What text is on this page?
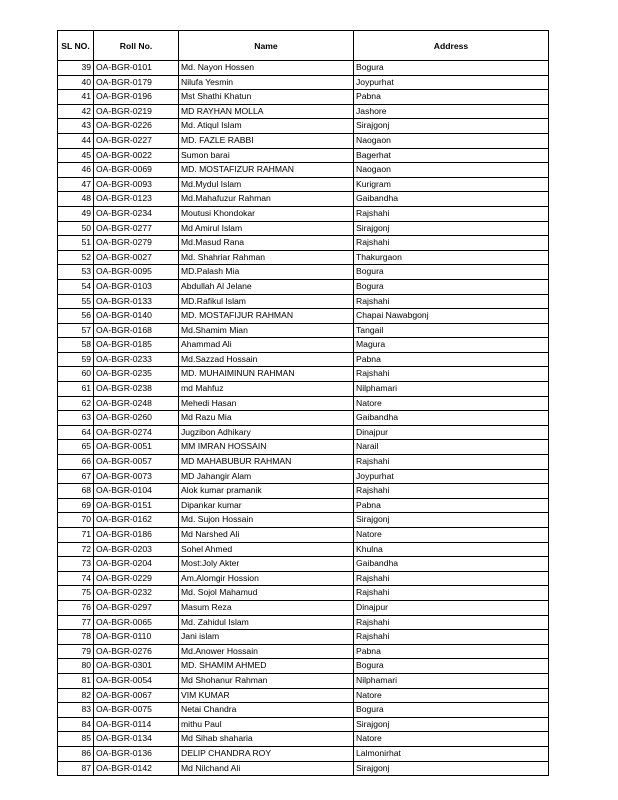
SL NO.	Roll No.	Name	Address
39	OA-BGR-0101	Md. Nayon Hossen	Bogura
40	OA-BGR-0179	Nilufa Yesmin	Joypurhat
41	OA-BGR-0196	Mst Shathi Khatun	Pabna
42	OA-BGR-0219	MD RAYHAN MOLLA	Jashore
43	OA-BGR-0226	Md. Atiqul Islam	Sirajgonj
44	OA-BGR-0227	MD. FAZLE RABBI	Naogaon
45	OA-BGR-0022	Sumon barai	Bagerhat
46	OA-BGR-0069	MD. MOSTAFIZUR RAHMAN	Naogaon
47	OA-BGR-0093	Md.Mydul Islam	Kurigram
48	OA-BGR-0123	Md.Mahafuzur Rahman	Gaibandha
49	OA-BGR-0234	Moutusi Khondokar	Rajshahi
50	OA-BGR-0277	Md Amirul Islam	Sirajgonj
51	OA-BGR-0279	Md.Masud Rana	Rajshahi
52	OA-BGR-0027	Md. Shahriar Rahman	Thakurgaon
53	OA-BGR-0095	MD.Palash Mia	Bogura
54	OA-BGR-0103	Abdullah Al Jelane	Bogura
55	OA-BGR-0133	MD.Rafikul Islam	Rajshahi
56	OA-BGR-0140	MD. MOSTAFIJUR RAHMAN	Chapai Nawabgonj
57	OA-BGR-0168	Md.Shamim Mian	Tangail
58	OA-BGR-0185	Ahammad Ali	Magura
59	OA-BGR-0233	Md.Sazzad Hossain	Pabna
60	OA-BGR-0235	MD. MUHAIMINUN RAHMAN	Rajshahi
61	OA-BGR-0238	md Mahfuz	Nilphamari
62	OA-BGR-0248	Mehedi Hasan	Natore
63	OA-BGR-0260	Md Razu Mia	Gaibandha
64	OA-BGR-0274	Jugzibon Adhikary	Dinajpur
65	OA-BGR-0051	MM IMRAN HOSSAIN	Narail
66	OA-BGR-0057	MD MAHABUBUR RAHMAN	Rajshahi
67	OA-BGR-0073	MD Jahangir Alam	Joypurhat
68	OA-BGR-0104	Alok kumar pramanik	Rajshahi
69	OA-BGR-0151	Dipankar kumar	Pabna
70	OA-BGR-0162	Md. Sujon Hossain	Sirajgonj
71	OA-BGR-0186	Md Narshed Ali	Natore
72	OA-BGR-0203	Sohel Ahmed	Khulna
73	OA-BGR-0204	Most:Joly Akter	Gaibandha
74	OA-BGR-0229	Am.Alomgir Hossion	Rajshahi
75	OA-BGR-0232	Md. Sojol Mahamud	Rajshahi
76	OA-BGR-0297	Masum Reza	Dinajpur
77	OA-BGR-0065	Md. Zahidul Islam	Rajshahi
78	OA-BGR-0110	Jani islam	Rajshahi
79	OA-BGR-0276	Md.Anower Hossain	Pabna
80	OA-BGR-0301	MD. SHAMIM AHMED	Bogura
81	OA-BGR-0054	Md Shohanur Rahman	Nilphamari
82	OA-BGR-0067	VIM KUMAR	Natore
83	OA-BGR-0075	Netai Chandra	Bogura
84	OA-BGR-0114	mithu Paul	Sirajgonj
85	OA-BGR-0134	Md Sihab shaharia	Natore
86	OA-BGR-0136	DELIP CHANDRA ROY	Lalmonirhat
87	OA-BGR-0142	Md Nilchand Ali	Sirajgonj
